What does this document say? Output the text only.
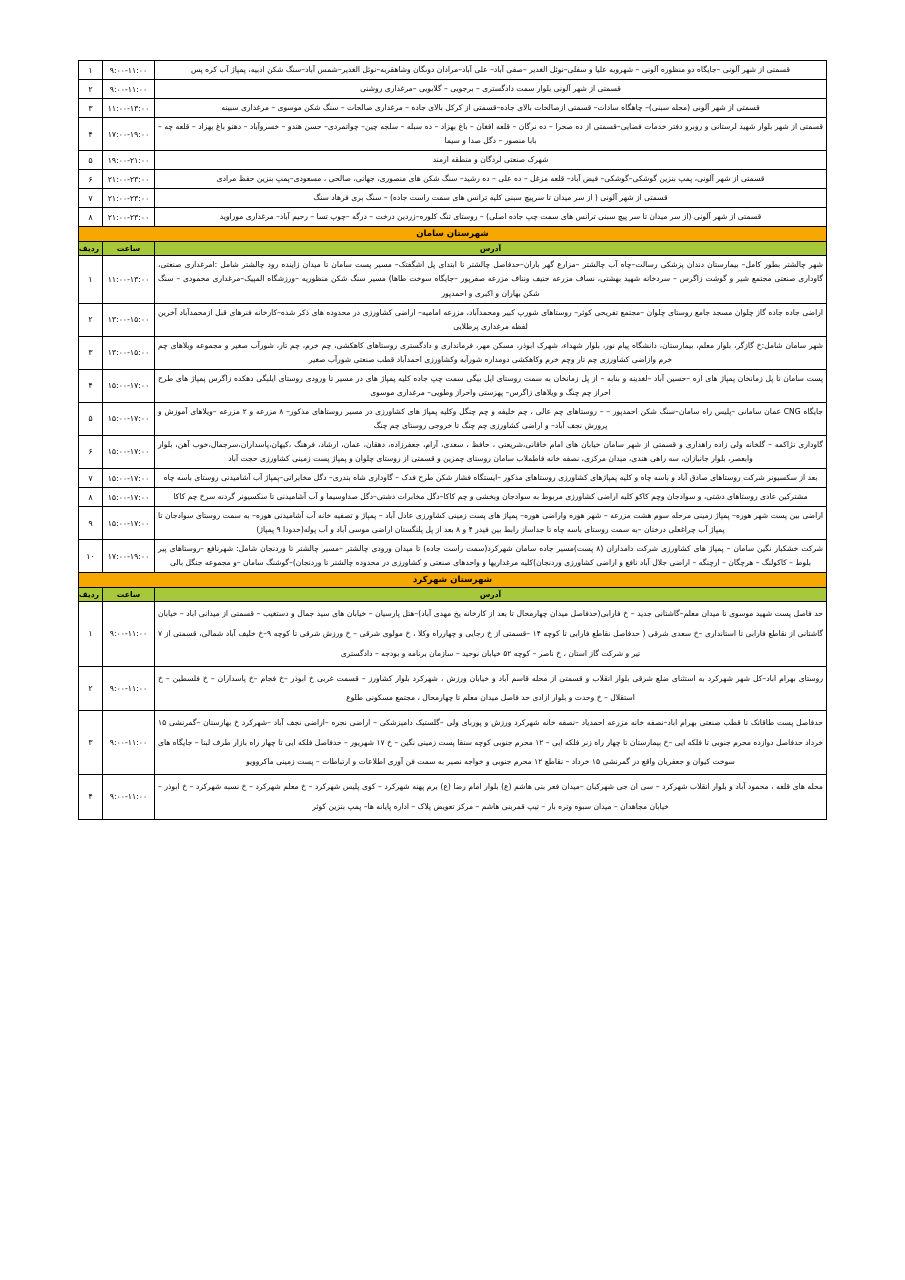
قسمتی از شهر آلونی –جایگاه دو منظوره آلونی – شهروبه علیا و سفلی–نوئل الغدیر –صفی آباد– علی آباد–مرادان دوںگان وشاهقربه–نوئل الغدیر–شمس آباد–سنگ شکن ادبیه، پمپاژ آب کره پس	۹:۰۰-۱۱:۰۰	۱
قسمتی از شهر آلونی بلوار سمت دادگستری – برجویی – گلابویی –مرغداری روشنی	۹:۰۰-۱۱:۰۰	۲
قسمتی از شهر آلونی (محله سبنی)– چاهگاه سادات– قسمتی ازصالحات بالای جاده–قسمتی از کرکل بالای جاده – مرغداری صالحات – سنگ شکن موسوی – مرغداری سبینه	۱۱:۰۰-۱۳:۰۰	۳
قسمتی از شهر بلوار شهید لرستانی و روبرو دفتر خدمات فضایی–قسمتی از ده صحرا – ده نرگان – قلعه افغان – باغ بهزاد – ده سبله – سلجه چین– چواتمردی– حسن هندو – خسروآباد – دهنو باغ بهزاد – قلعه چه – بابا منصور – دگل صدا و سیما	۱۷:۰۰-۱۹:۰۰	۴
شهرک صنعتی لردگان و منطقه ارمند	۱۹:۰۰-۲۱:۰۰	۵
قسمتی از شهر آلونی، پمپ بنزین گوشکی–گوشکی– فیض آباد– قلعه مزغل – ده علی – ده رشید– سنگ شکن های منصوری، جهانی، صالحی ، مسعودی–پمپ بنزین حفظ مرادی	۲۱:۰۰-۲۳:۰۰	۶
قسمتی از شهر آلونی ( از سر میدان تا سرپیچ سبنی کلیه ترانس های سمت راست جاده) – سنگ بری فرهاد سنگ	۲۱:۰۰-۲۳:۰۰	۷
قسمتی از شهر آلونی (از سر میدان تا سر پیچ سبنی ترانس های سمت چپ جاده اصلی) – روستای تنگ کلوره–زردین درخت – درگه –چوپ تسا – رحیم آباد– مرغداری موراوید	۲۱:۰۰-۲۳:۰۰	۸
شهرستان سامان		
آدرس	ساعت	ردیف
شهر چالشتر بطور کامل– بیمارستان دندان پزشکی رسالت–چاه آب چالشتر –مزارع گهر باران–حدفاصل چالشتر تا ابتدای پل اشگفتک– مسیر پست سامان تا میدان زاینده رود چالشتر شامل :امرغداری صنعتی، گاوداری صنعتی مجتمع شیر و گوشت زاگرس – سردخانه شهید بهشتی، نساف مزرعه حنیف ونناف مزرعه صفرپور –جایگاه سوخت طاها) مسیر سنگ شکن منظوریه –ورزشگاه المپیک–مرغداری محمودی – سنگ شکن بهاران و اکبری و احمدپور	۱۱:۰۰-۱۳:۰۰	۱
اراضی جاده جاده گاز چلوان مسجد جامع روستای چلوان –مجتمع تفریحی کوثر– روستاهای شورپ کبیر ومحمدآباد، مزرعه امامیه– اراضی کشاورزی در محدوده های ذکر شده–کارخانه فنرهای قبل ازمحمدآباد آخرین لفظه مرغداری پرطلایی	۱۳:۰۰-۱۵:۰۰	۲
شهر سامان شامل:خ گازگر، بلوار معلم، بیمارستان، دانشگاه پیام نور، بلوار شهداء، شهرک ابوذر، مسکن مهر، فرمانداری و دادگستری روستاهای کاهکشی، چم خرم، چم تار، شورآب صغیر و مجموعه وبلاهای چم خرم وازاضی کشاورزی چم تار وچم خرم وکاهکشی دومداره شورآبه وکشاورزی احمدآباد قطب صنعتی شورآب صغیر	۱۳:۰۰-۱۵:۰۰	۳
پست سامان تا پل زمانخان پمپاژ های اره –حسین آباد –لغدینه و بنابه – از پل زمانخان به سمت روستای ایل بیگی سمت چپ جاده کلیه پمپاژ های در مسیر تا ورودی روستای ایلبگی دهکده زاگرس پمپاژ های طرح احراز چم چنگ و ویلاهای زاگرس– پهزستی واحراز وطویی– مرغداری موسوی	۱۵:۰۰-۱۷:۰۰	۴
جایگاه CNG عمان سامانی –پلیس راه سامان–سنگ شکن احمدپور – – روستاهای چم عالی ، چم خلیفه و چم چنگل وکلیه پمپاژ های کشاورزی در مسیر روستاهای مذکور– ۸ مزرعه و ۲ مزرعه –ویلاهای آموزش و پرورش نجف آباد– و اراضی کشاورزی چم چنگ تا خروجی روستای چم چنگ	۱۵:۰۰-۱۷:۰۰	۵
گاوداری نژاکمه – گلخانه ولی زاده راهداری و قسمتی از شهر سامان خیابان های امام خاقانی،شریعتی ، حافظ ، سعدی، آرام، جعفرزاده، دهقان، عمان، ارشاد، فرهنگ ،کیهان،پاسداران،سرجمال،خوب آهن، بلوار وابعصر، بلوار جانبازان، سه راهی هندی، میدان مرکزی، نصفه خانه فاطملاب سامان روستای چمزین و قسمتی از روستای چلوان و پمپاژ پست زمینی کشاورزی حجت آباد	۱۵:۰۰-۱۷:۰۰	۶
بعد از سکسیونر شرکت روستاهای صادق آباد و باسه چاه و کلیه پمپاژهای کشاورزی روستاهای مذکور –ایستگاه فشار شکن طرح فدک – گاوداری شاه بندری– دگل مخابراتی–پمپاژ آب آشامیدنی روستای باسه چاه	۱۵:۰۰-۱۷:۰۰	۷
مشترکین عادی روستاهای دشتی، و سوادجان وچم کاکو کلیه اراضی کشاورزی مربوط به سوادجان وبخشی و چم کاکا–دگل مخابرات دشتی–دگل صداوسیما و آب آشامیدنی تا سکسیونر گردنه سرخ چم کاکا	۱۵:۰۰-۱۷:۰۰	۸
اراضی بین پست شهر هوره– پمپاژ زمینی مرحله سوم هشت مزرعه – شهر هوره واراضی هوره– پمپاژ های پست زمینی کشاورزی عادل آباد – پمپاژ و تصفیه خانه آب آشامیدنی هوره– به سمت روستای سوادجان تا پمپاژ آب چراغعلی درختان –به سمت روستای باسه چاه تا جداساز رابط بین فیدر ۴ و ۸ بعد از پل پلنگستان اراضی موسی آباد و آب پوله(حدودا ۹ پمپاژ)	۱۵:۰۰-۱۷:۰۰	۹
شرکت خشکبار نگین سامان – پمپاژ های کشاورزی شرکت دامداران (۸ پست)مسیر جاده سامان شهرکرد(سمت راست جاده) تا میدان ورودی چالشتر –مسیر چالشتر تا وردنجان شامل: شهرنافع –روستاهای پیر بلوط – کاکولنگ – هرچگان – ارچنگه – اراضی جلال آباد نافع و اراضی کشاورزی وردنجان)کلیه مرغداریها و واحدهای صنعتی و کشاورزی در محدوده چالشتر تا وردنجان)–گوشنگ سامان –و مجموعه جنگل بالی	۱۷:۰۰-۱۹:۰۰	۱۰
شهرستان شهرکرد		
آدرس	ساعت	ردیف
حد فاصل پست شهید موسوی تا میدان معلم–گاشتانی جدید – خ فارابی(حدفاصل میدان چهارمحال تا بعد از کارخانه یخ مهدی آباد)–هتل پارسیان – خیابان های سید جمال و دستغیب – قسمتی از میدانی اباد – خیابان گاشتانی از نقاطع فارابی تا استانداری –خ سعدی شرقی ( حدفاصل نقاطع فارابی تا کوچه ۱۴ –قسمتی از خ رجایی و چهارراه وکلا ، خ مولوی شرقی – خ ورزش شرقی تا کوچه ۹–خ خلیف آباد شمالی، قسمتی از ۷ تیر و شرکت گاز استان ، خ ناصر – کوچه ۵۲ خیابان نوحید – سازمان برنامه و بودجه – دادگستری	۹:۰۰-۱۱:۰۰	۱
روستای بهرام اباد–کل شهر شهرکرد به استثنای ضلع شرقی بلوار انقلاب و قسمتی از محله قاسم آباد و خیابان ورزش ، شهرکرد بلوار کشاورز – قسمت غربی خ ابوذر –خ فجام –خ پاسداران – خ فلسطین – خ استقلال – خ وحدت و بلوار ازادی حد فاصل میدان معلم تا چهارمحال ، مجتمع مسکونی طلوع	۹:۰۰-۱۱:۰۰	۲
حدفاصل پست طاقانک تا قطب صنعتی بهرام اباد–نصفه خانه مزرعه احمدیاد –نصفه خانه شهرکرد ورزش و پوربای ولی –گلستیک دامیزشکی – اراضی نجره –اراضی نجف آباد –شهرکرد خ بهارستان –گمرنشی ۱۵ خرداد حدفاصل دوازده محرم جنوبی تا فلکه ایی –خ بیمارستان تا چهار راه زنر فلکه ایی – ۱۲ محرم جنوبی کوچه سنقا پست زمینی نگین – خ ۱۷ شهریور – حدفاصل فلکه ایی تا چهار راه بازار طرف لبنا – جایگاه های سوخت کیوان و جعفریان واقع در گمرنشی ۱۵ خرداد – نقاطع ۱۲ محرم جنوبی و خواجه نصیر به سمت فن آوری اطلاعات و ارتباطات – پست زمینی ماکروویو	۹:۰۰-۱۱:۰۰	۳
محله های قلعه ، محمود آباد و بلوار انقلاب شهرکرد – سی ان جی شهرکبان –میدان فعر بنی هاشم (ع) بلوار امام رضا (ع) برم پهنه شهرکرد – کوی پلیس شهرکرد – خ معلم شهرکرد – خ نسبه شهرکرد – خ ابوذر – خیابان مجاهدان – میدان سبوه وتره بار – تیپ قمربنی هاشم – مرکز تعویض پلاک – اداره پایانه ها– پمپ بنزین کوثر	۹:۰۰-۱۱:۰۰	۴
